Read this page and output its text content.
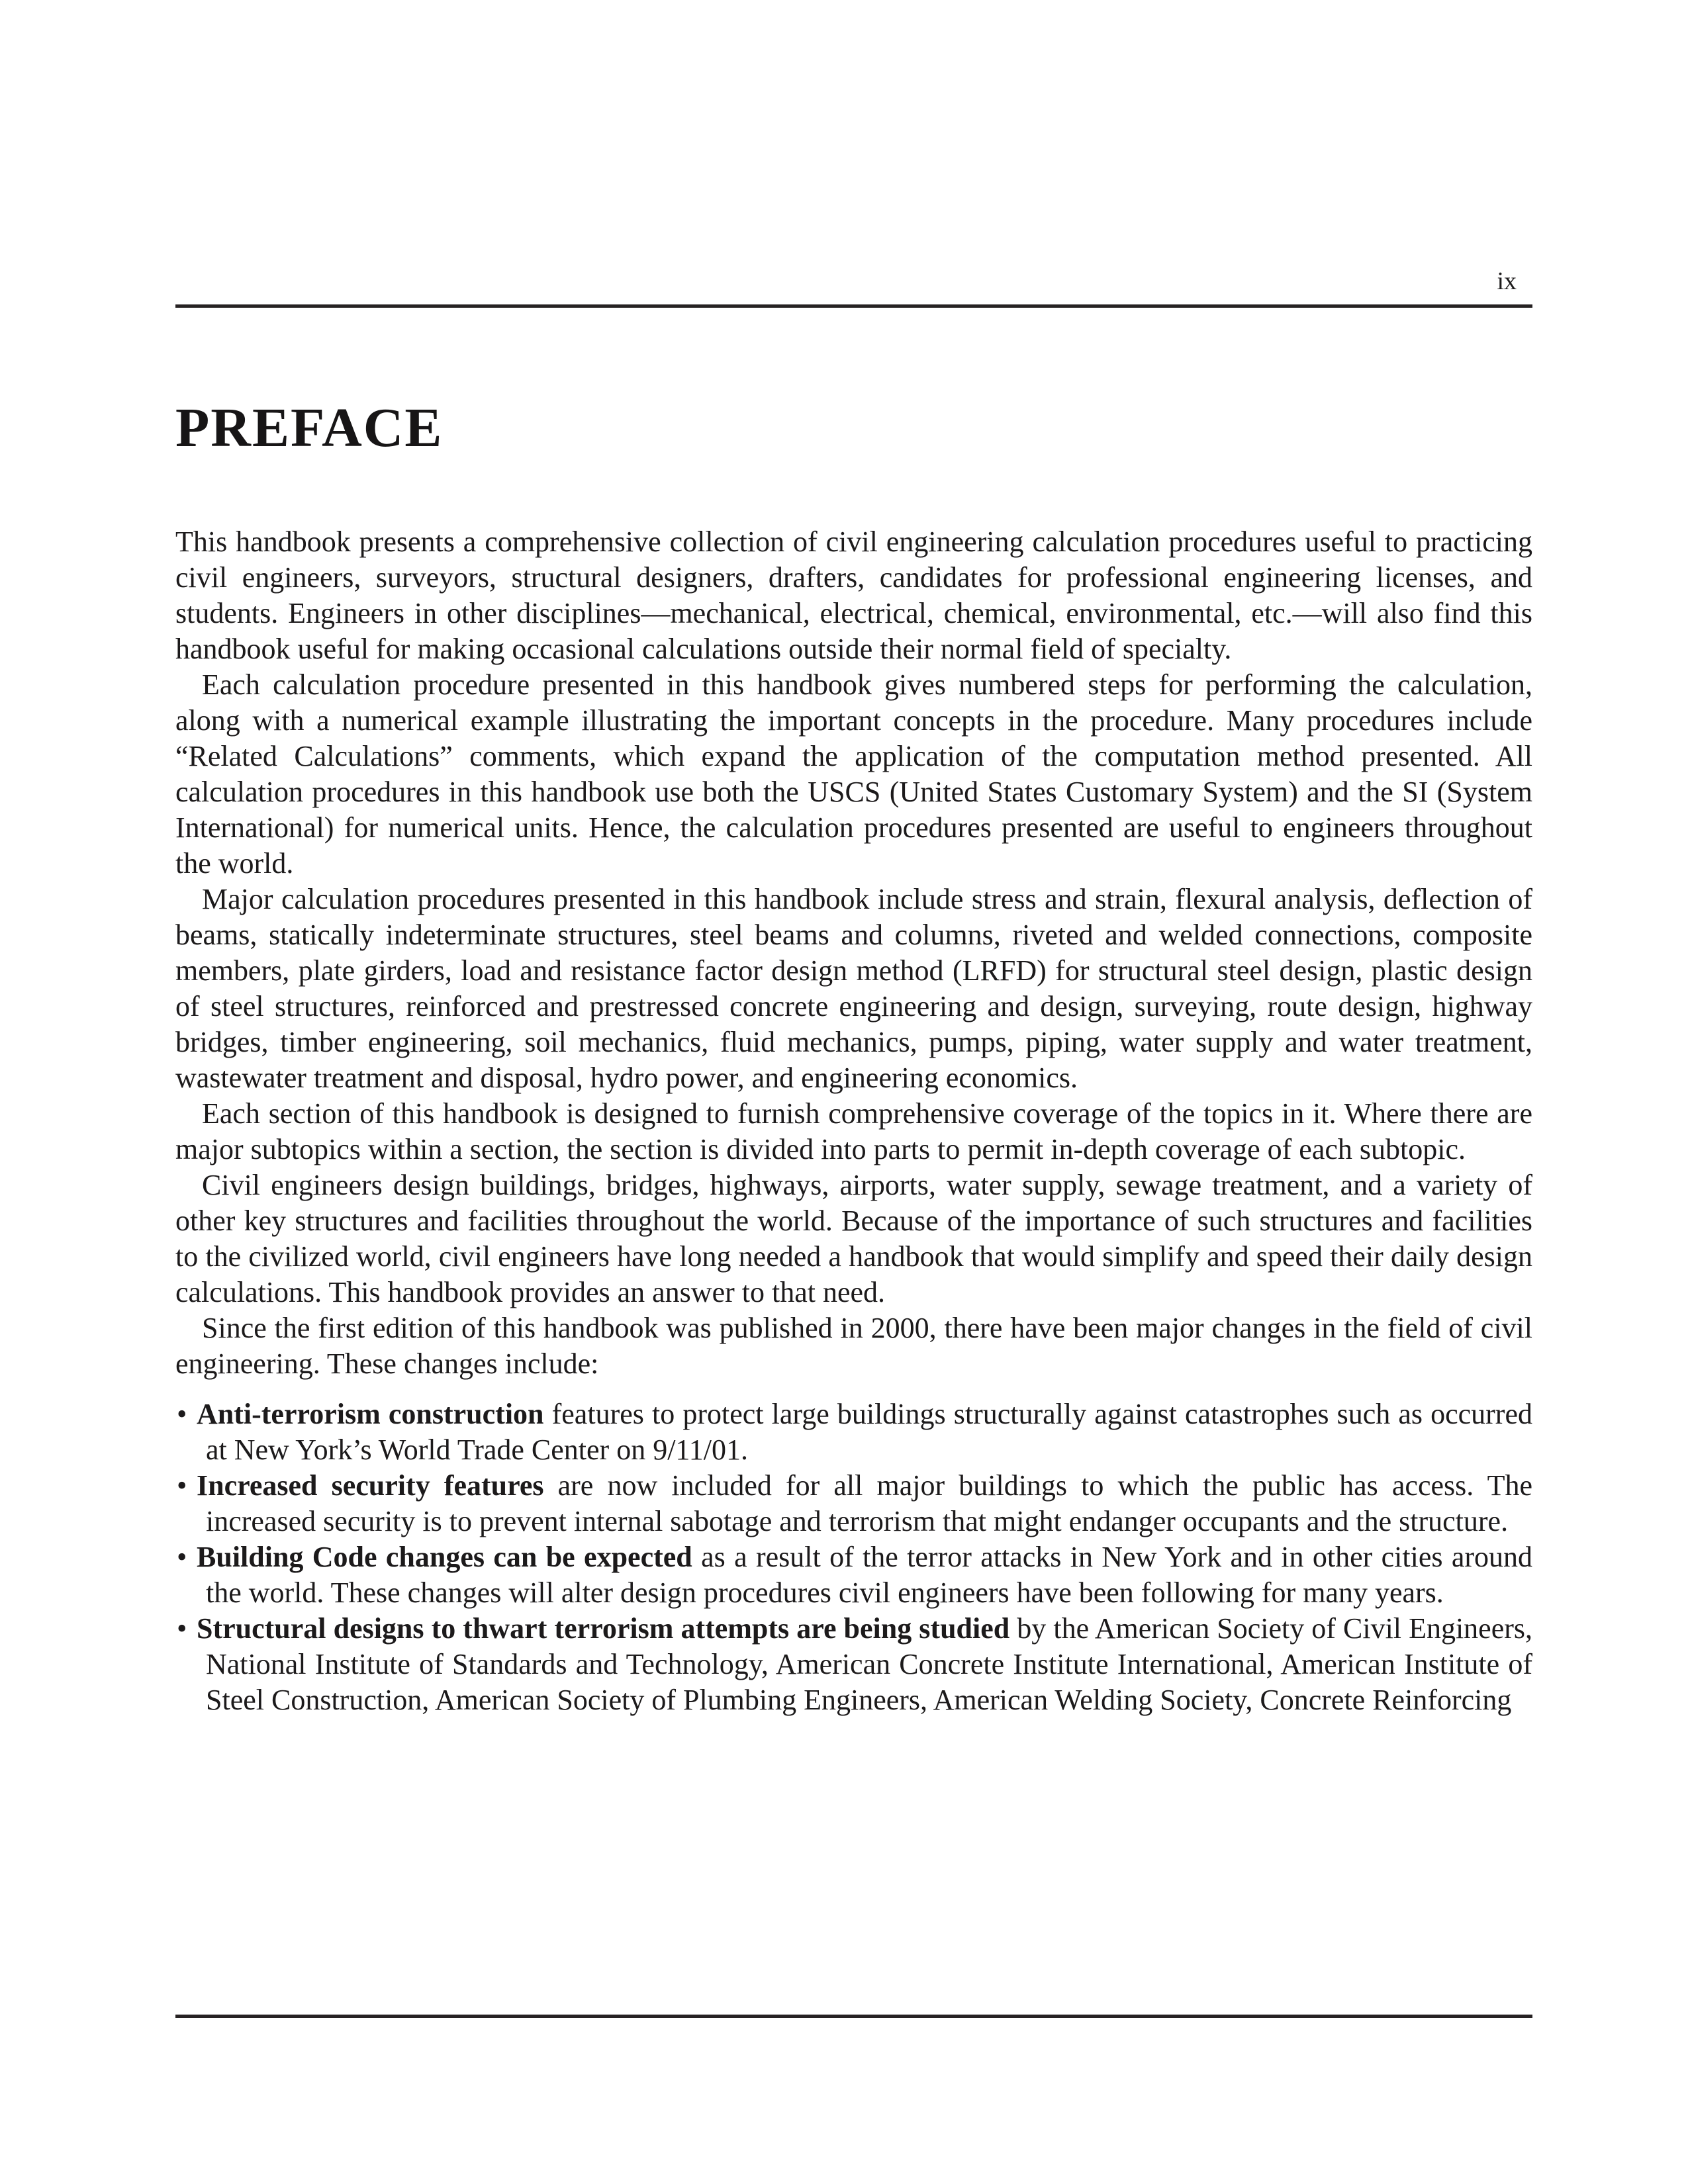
ix
PREFACE

This handbook presents a comprehensive collection of civil engineering calculation procedures useful to practicing civil engineers, surveyors, structural designers, drafters, candidates for professional engineering licenses, and students. Engineers in other disciplines—mechanical, electrical, chemical, environmental, etc.—will also find this handbook useful for making occasional calculations outside their normal field of specialty.

Each calculation procedure presented in this handbook gives numbered steps for performing the calculation, along with a numerical example illustrating the important concepts in the procedure. Many procedures include “Related Calculations” comments, which expand the application of the computation method presented. All calculation procedures in this handbook use both the USCS (United States Customary System) and the SI (System International) for numerical units. Hence, the calculation procedures presented are useful to engineers throughout the world.

Major calculation procedures presented in this handbook include stress and strain, flexural analysis, deflection of beams, statically indeterminate structures, steel beams and columns, riveted and welded connections, composite members, plate girders, load and resistance factor design method (LRFD) for structural steel design, plastic design of steel structures, reinforced and prestressed concrete engineering and design, surveying, route design, highway bridges, timber engineering, soil mechanics, fluid mechanics, pumps, piping, water supply and water treatment, wastewater treatment and disposal, hydro power, and engineering economics.

Each section of this handbook is designed to furnish comprehensive coverage of the topics in it. Where there are major subtopics within a section, the section is divided into parts to permit in-depth coverage of each subtopic.

Civil engineers design buildings, bridges, highways, airports, water supply, sewage treatment, and a variety of other key structures and facilities throughout the world. Because of the importance of such structures and facilities to the civilized world, civil engineers have long needed a handbook that would simplify and speed their daily design calculations. This handbook provides an answer to that need.

Since the first edition of this handbook was published in 2000, there have been major changes in the field of civil engineering. These changes include:

• Anti-terrorism construction features to protect large buildings structurally against catastrophes such as occurred at New York’s World Trade Center on 9/11/01.
• Increased security features are now included for all major buildings to which the public has access. The increased security is to prevent internal sabotage and terrorism that might endanger occupants and the structure.
• Building Code changes can be expected as a result of the terror attacks in New York and in other cities around the world. These changes will alter design procedures civil engineers have been following for many years.
• Structural designs to thwart terrorism attempts are being studied by the American Society of Civil Engineers, National Institute of Standards and Technology, American Concrete Institute International, American Institute of Steel Construction, American Society of Plumbing Engineers, American Welding Society, Concrete Reinforcing
